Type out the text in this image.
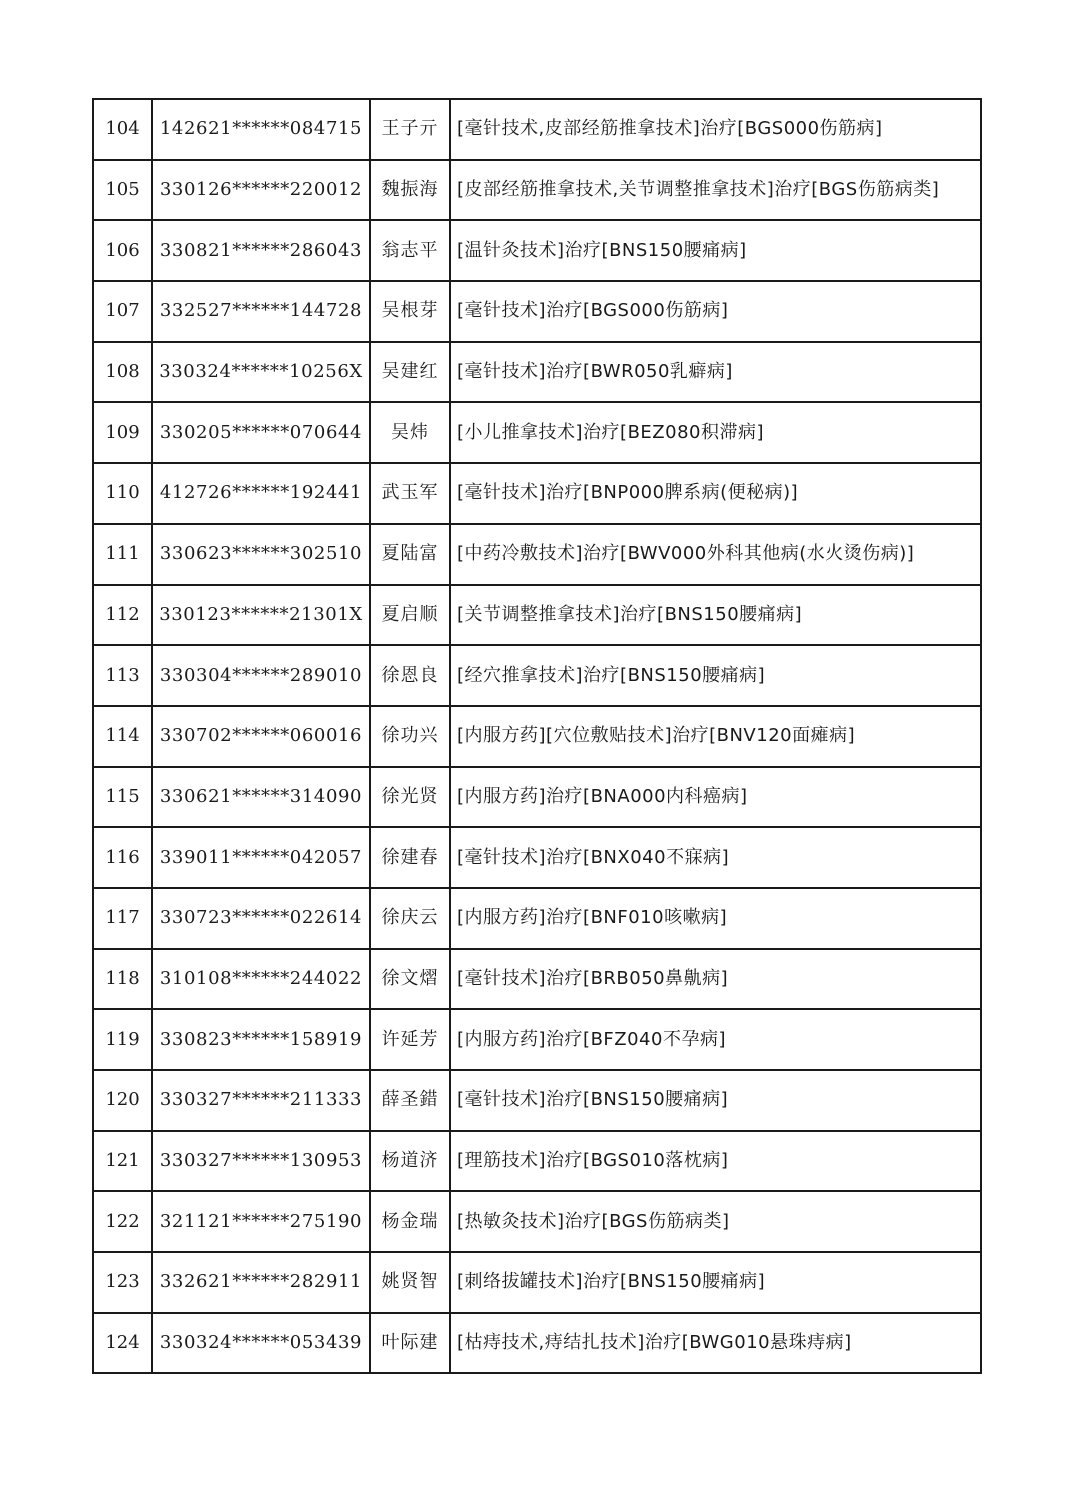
104	142621******084715	王子亓	[毫针技术,皮部经筋推拿技术]治疗[BGS000伤筋病]
105	330126******220012	魏振海	[皮部经筋推拿技术,关节调整推拿技术]治疗[BGS伤筋病类]
106	330821******286043	翁志平	[温针灸技术]治疗[BNS150腰痛病]
107	332527******144728	吴根芽	[毫针技术]治疗[BGS000伤筋病]
108	330324******10256X	吴建红	[毫针技术]治疗[BWR050乳癖病]
109	330205******070644	吴炜	[小儿推拿技术]治疗[BEZ080积滞病]
110	412726******192441	武玉军	[毫针技术]治疗[BNP000脾系病(便秘病)]
111	330623******302510	夏陆富	[中药冷敷技术]治疗[BWV000外科其他病(水火烫伤病)]
112	330123******21301X	夏启顺	[关节调整推拿技术]治疗[BNS150腰痛病]
113	330304******289010	徐恩良	[经穴推拿技术]治疗[BNS150腰痛病]
114	330702******060016	徐功兴	[内服方药][穴位敷贴技术]治疗[BNV120面瘫病]
115	330621******314090	徐光贤	[内服方药]治疗[BNA000内科癌病]
116	339011******042057	徐建春	[毫针技术]治疗[BNX040不寐病]
117	330723******022614	徐庆云	[内服方药]治疗[BNF010咳嗽病]
118	310108******244022	徐文熠	[毫针技术]治疗[BRB050鼻鼽病]
119	330823******158919	许延芳	[内服方药]治疗[BFZ040不孕病]
120	330327******211333	薛圣錯	[毫针技术]治疗[BNS150腰痛病]
121	330327******130953	杨道济	[理筋技术]治疗[BGS010落枕病]
122	321121******275190	杨金瑞	[热敏灸技术]治疗[BGS伤筋病类]
123	332621******282911	姚贤智	[刺络拔罐技术]治疗[BNS150腰痛病]
124	330324******053439	叶际建	[枯痔技术,痔结扎技术]治疗[BWG010悬珠痔病]
